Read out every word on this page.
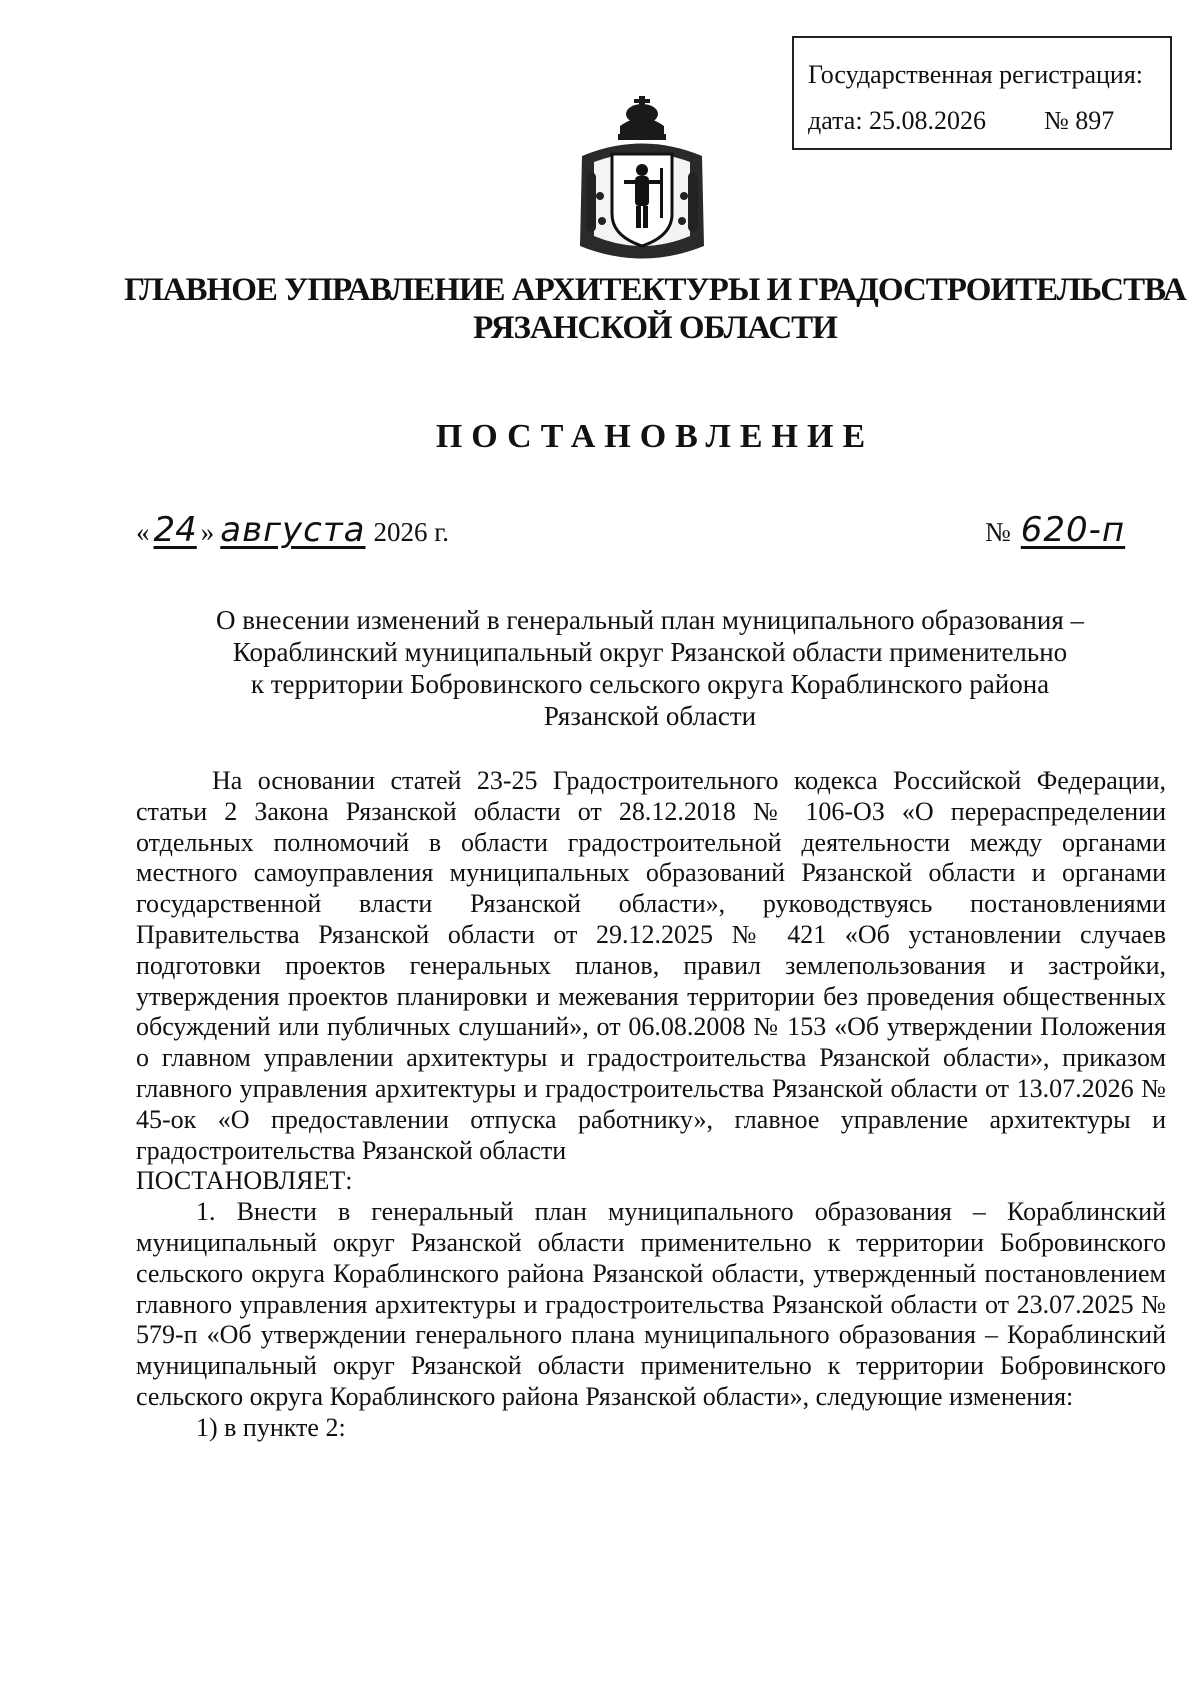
Государственная регистрация:
дата: 25.08.2026 № 897
ГЛАВНОЕ УПРАВЛЕНИЕ АРХИТЕКТУРЫ И ГРАДОСТРОИТЕЛЬСТВА
РЯЗАНСКОЙ ОБЛАСТИ
ПОСТАНОВЛЕНИЕ
« 24 » августа 2026 г.	№ 620-п
О внесении изменений в генеральный план муниципального образования –
Кораблинский муниципальный округ Рязанской области применительно
к территории Бобровинского сельского округа Кораблинского района
Рязанской области

На основании статей 23-25 Градостроительного кодекса Российской Федерации, статьи 2 Закона Рязанской области от 28.12.2018 № 106-ОЗ «О перераспределении отдельных полномочий в области градостроительной деятельности между органами местного самоуправления муниципальных образований Рязанской области и органами государственной власти Рязанской области», руководствуясь постановлениями Правительства Рязанской области от 29.12.2025 № 421 «Об установлении случаев подготовки проектов генеральных планов, правил землепользования и застройки, утверждения проектов планировки и межевания территории без проведения общественных обсуждений или публичных слушаний», от 06.08.2008 № 153 «Об утверждении Положения о главном управлении архитектуры и градостроительства Рязанской области», приказом главного управления архитектуры и градостроительства Рязанской области от 13.07.2026 № 45-ок «О предоставлении отпуска работнику», главное управление архитектуры и градостроительства Рязанской области

ПОСТАНОВЛЯЕТ:

1. Внести в генеральный план муниципального образования – Кораблинский муниципальный округ Рязанской области применительно к территории Бобровинского сельского округа Кораблинского района Рязанской области, утвержденный постановлением главного управления архитектуры и градостроительства Рязанской области от 23.07.2025 № 579-п «Об утверждении генерального плана муниципального образования – Кораблинский муниципальный округ Рязанской области применительно к территории Бобровинского сельского округа Кораблинского района Рязанской области», следующие изменения:

1) в пункте 2:
